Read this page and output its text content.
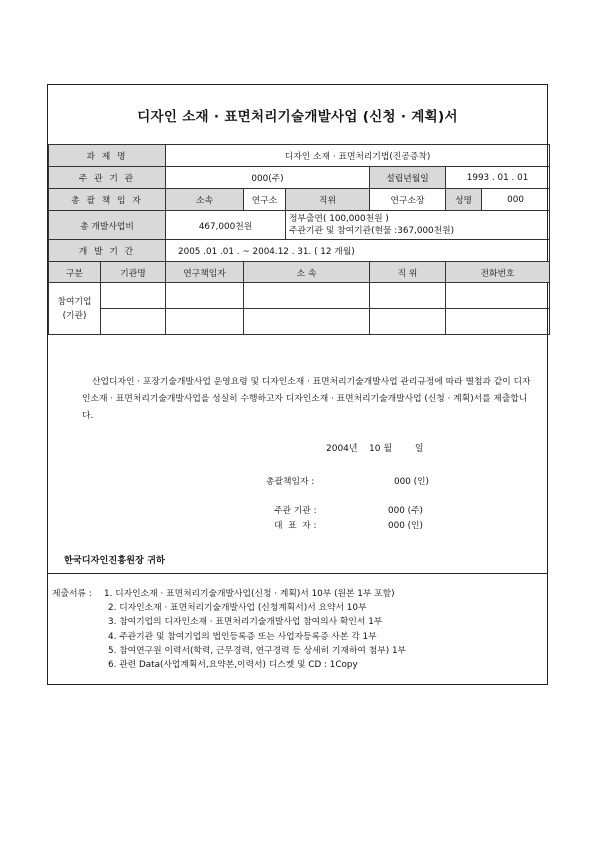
디자인 소재 · 표면처리기술개발사업 (신청 · 계획)서
과 제 명		디자인 소재 · 표면처리기법(진공증착)					
주 관 기 관		000(주)			설립년월일	1993 . 01 . 01	
총 괄 책 임 자		소속	연구소	직위	연구소장	성명	000
총 개발사업비		467,000천원		정부출연( 100,000천원 )
주관기관 및 참여기관(현물 :367,000천원)			

개 발 기 간		2005 .01 .01 . ~ 2004.12 . 31. ( 12 개월)					
구분	기관명	연구책임자	소 속		직 위	전화번호	

참여기업
(기관)							

산업디자인 · 포장기술개발사업 운영요령 및 디자인소재 · 표면처리기술개발사업 관리규정에 따라 별첨과 같이 디자인소재 · 표면처리기술개발사업을 성실히 수행하고자 디자인소재 · 표면처리기술개발사업 (신청 · 계획)서를 제출합니다.
2004년    10 월        일
총괄책임자 :	000 (인)
주관 기관 :	000 (주)
대  표  자 :	000 (인)
한국디자인진흥원장 귀하
제출서류 : 1. 디자인소재 · 표면처리기술개발사업(신청 · 계획)서 10부 (원본 1부 포함)
2. 디자인소재 · 표면처리기술개발사업 (신청계획서)서 요약서 10부
3. 참여기업의 디자인소재 · 표면처리기술개발사업 참여의사 확인서 1부
4. 주관기관 및 참여기업의 법인등록증 또는 사업자등록증 사본 각 1부
5. 참여연구원 이력서(학력, 근무경력, 연구경력 등 상세히 기재하여 첨부) 1부
6. 관련 Data(사업계획서,요약본,이력서) 디스켓 및 CD : 1Copy
